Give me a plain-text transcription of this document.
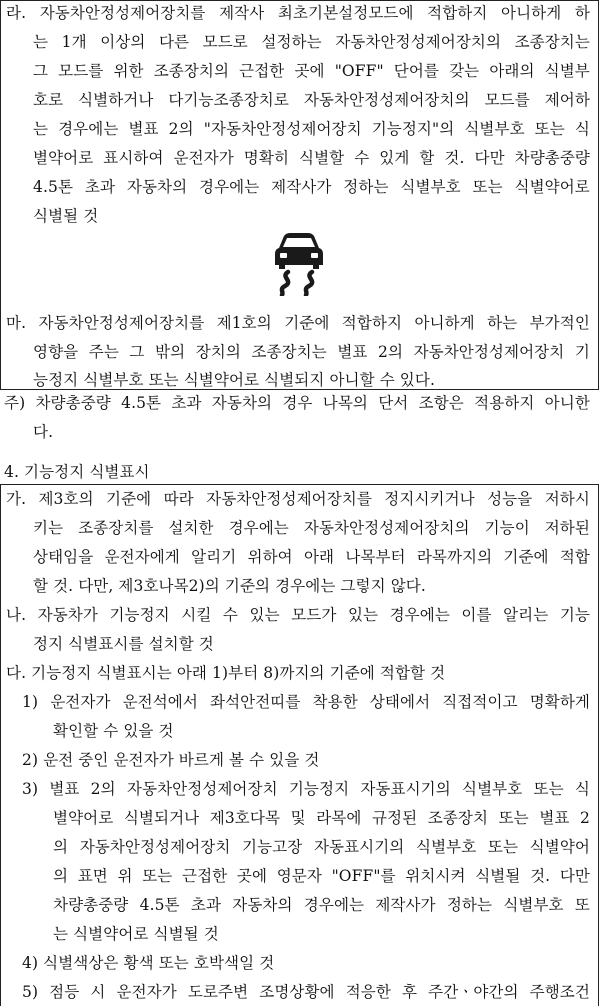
라. 자동차안정성제어장치를 제작사 최초기본설정모드에 적합하지 아니하게 하
는 1개 이상의 다른 모드로 설정하는 자동차안정성제어장치의 조종장치는
그 모드를 위한 조종장치의 근접한 곳에 "OFF" 단어를 갖는 아래의 식별부
호로 식별하거나 다기능조종장치로 자동차안정성제어장치의 모드를 제어하
는 경우에는 별표 2의 "자동차안정성제어장치 기능정지"의 식별부호 또는 식
별약어로 표시하여 운전자가 명확히 식별할 수 있게 할 것. 다만 차량총중량
4.5톤 초과 자동차의 경우에는 제작사가 정하는 식별부호 또는 식별약어로
식별될 것
마. 자동차안정성제어장치를 제1호의 기준에 적합하지 아니하게 하는 부가적인
영향을 주는 그 밖의 장치의 조종장치는 별표 2의 자동차안정성제어장치 기
능정지 식별부호 또는 식별약어로 식별되지 아니할 수 있다.
주) 차량총중량 4.5톤 초과 자동차의 경우 나목의 단서 조항은 적용하지 아니한
다.
4. 기능정지 식별표시
가. 제3호의 기준에 따라 자동차안정성제어장치를 정지시키거나 성능을 저하시
키는 조종장치를 설치한 경우에는 자동차안정성제어장치의 기능이 저하된
상태임을 운전자에게 알리기 위하여 아래 나목부터 라목까지의 기준에 적합
할 것. 다만, 제3호나목2)의 기준의 경우에는 그렇지 않다.
나. 자동차가 기능정지 시킬 수 있는 모드가 있는 경우에는 이를 알리는 기능
정지 식별표시를 설치할 것
다. 기능정지 식별표시는 아래 1)부터 8)까지의 기준에 적합할 것
1) 운전자가 운전석에서 좌석안전띠를 착용한 상태에서 직접적이고 명확하게
확인할 수 있을 것
2) 운전 중인 운전자가 바르게 볼 수 있을 것
3) 별표 2의 자동차안정성제어장치 기능정지 자동표시기의 식별부호 또는 식
별약어로 식별되거나 제3호다목 및 라목에 규정된 조종장치 또는 별표 2
의 자동차안정성제어장치 기능고장 자동표시기의 식별부호 또는 식별약어
의 표면 위 또는 근접한 곳에 영문자 "OFF"를 위치시켜 식별될 것. 다만
차량총중량 4.5톤 초과 자동차의 경우에는 제작사가 정하는 식별부호 또
는 식별약어로 식별될 것
4) 식별색상은 황색 또는 호박색일 것
5) 점등 시 운전자가 도로주변 조명상황에 적응한 후 주간ㆍ야간의 주행조건
